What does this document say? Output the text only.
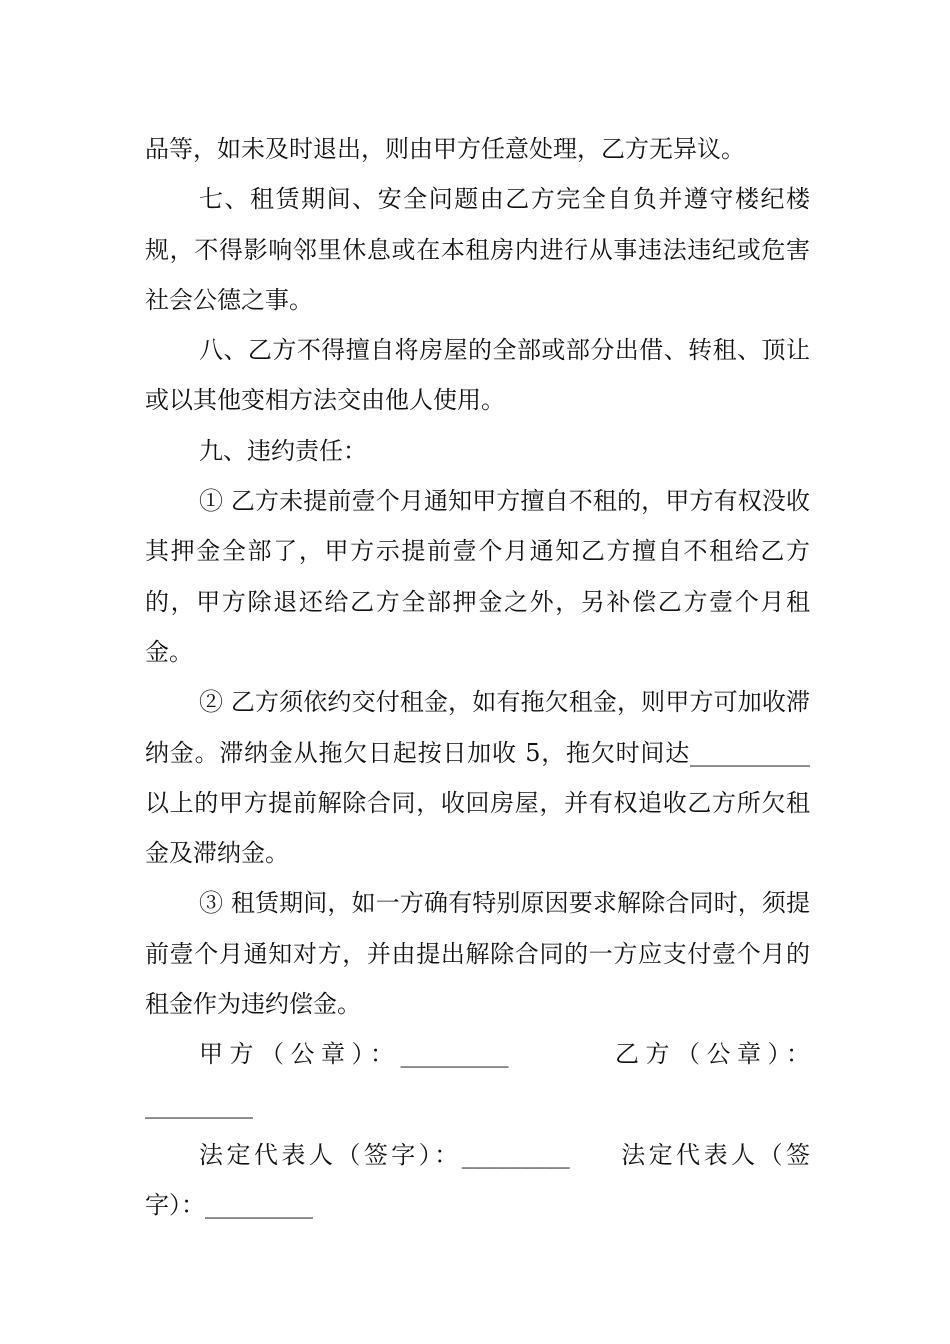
品等，如未及时退出，则由甲方任意处理，乙方无异议。

七、租赁期间、安全问题由乙方完全自负并遵守楼纪楼规，不得影响邻里休息或在本租房内进行从事违法违纪或危害社会公德之事。

八、乙方不得擅自将房屋的全部或部分出借、转租、顶让或以其他变相方法交由他人使用。

九、违约责任：

① 乙方未提前壹个月通知甲方擅自不租的，甲方有权没收其押金全部了，甲方示提前壹个月通知乙方擅自不租给乙方的，甲方除退还给乙方全部押金之外，另补偿乙方壹个月租金。

② 乙方须依约交付租金，如有拖欠租金，则甲方可加收滞纳金。滞纳金从拖欠日起按日加收 5，拖欠时间达__________以上的甲方提前解除合同，收回房屋，并有权追收乙方所欠租金及滞纳金。

③ 租赁期间，如一方确有特别原因要求解除合同时，须提前壹个月通知对方，并由提出解除合同的一方应支付壹个月的租金作为违约偿金。

甲方（公章）：_________	乙方（公章）：_________

法定代表人（签字）：_________ 法定代表人（签字）：_________
